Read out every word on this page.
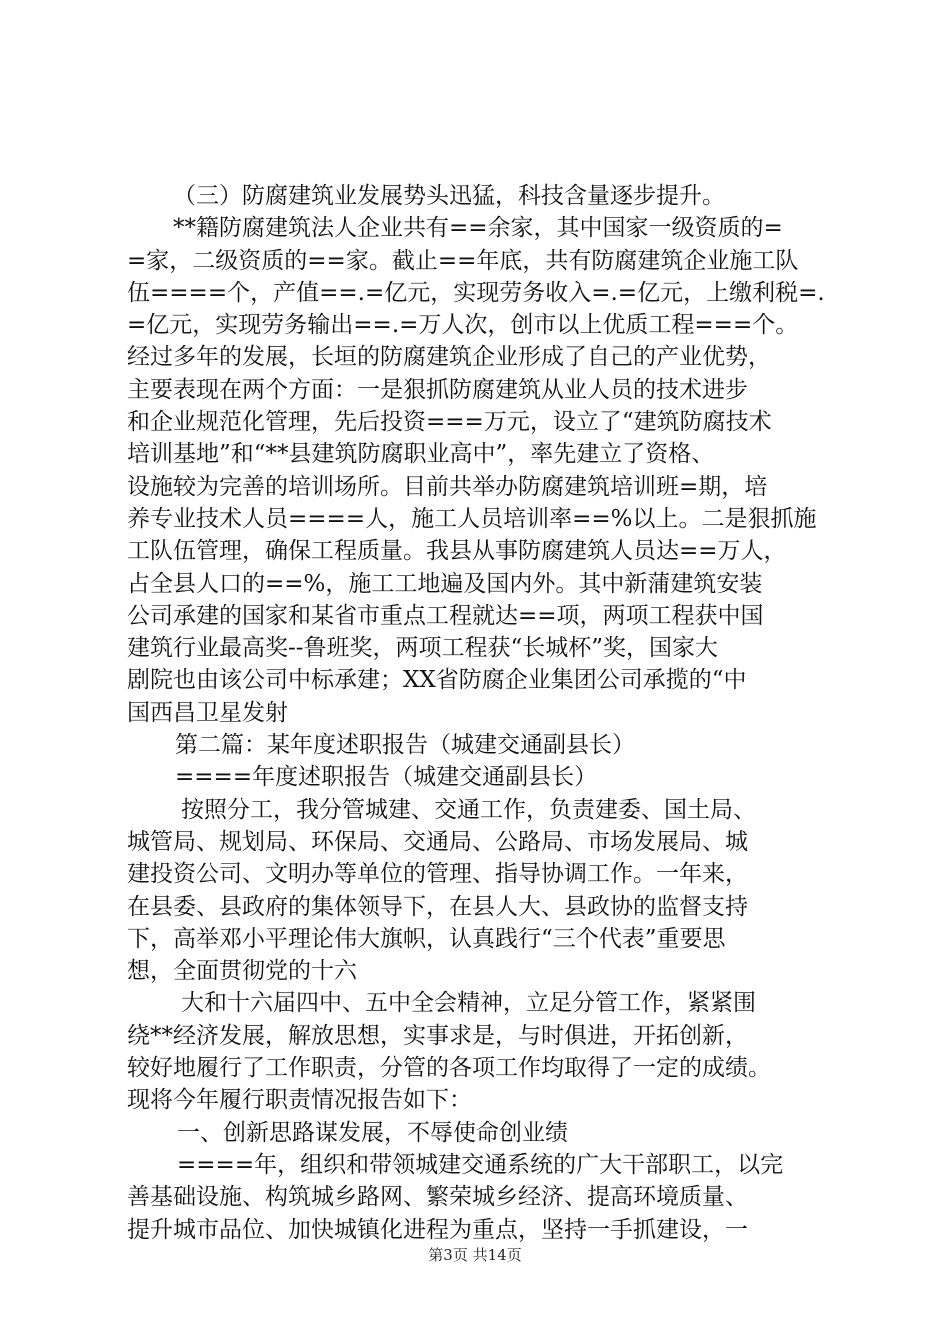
（三）防腐建筑业发展势头迅猛，科技含量逐步提升。
**籍防腐建筑法人企业共有==余家，其中国家一级资质的=
=家，二级资质的==家。截止==年底，共有防腐建筑企业施工队
伍====个，产值==.=亿元，实现劳务收入=.=亿元，上缴利税=.
=亿元，实现劳务输出==.=万人次，创市以上优质工程===个。
经过多年的发展，长垣的防腐建筑企业形成了自己的产业优势，
主要表现在两个方面：一是狠抓防腐建筑从业人员的技术进步
和企业规范化管理，先后投资===万元，设立了“建筑防腐技术
培训基地”和“**县建筑防腐职业高中”，率先建立了资格、
设施较为完善的培训场所。目前共举办防腐建筑培训班=期，培
养专业技术人员====人，施工人员培训率==%以上。二是狠抓施
工队伍管理，确保工程质量。我县从事防腐建筑人员达==万人，
占全县人口的==%，施工工地遍及国内外。其中新蒲建筑安装
公司承建的国家和某省市重点工程就达==项，两项工程获中国
建筑行业最高奖--鲁班奖，两项工程获“长城杯”奖，国家大
剧院也由该公司中标承建；XX省防腐企业集团公司承揽的“中
国西昌卫星发射
第二篇：某年度述职报告（城建交通副县长）
====年度述职报告（城建交通副县长）
按照分工，我分管城建、交通工作，负责建委、国土局、
城管局、规划局、环保局、交通局、公路局、市场发展局、城
建投资公司、文明办等单位的管理、指导协调工作。一年来，
在县委、县政府的集体领导下，在县人大、县政协的监督支持
下，高举邓小平理论伟大旗帜，认真践行“三个代表”重要思
想，全面贯彻党的十六
大和十六届四中、五中全会精神，立足分管工作，紧紧围
绕**经济发展，解放思想，实事求是，与时俱进，开拓创新，
较好地履行了工作职责，分管的各项工作均取得了一定的成绩。
现将今年履行职责情况报告如下：
一、创新思路谋发展，不辱使命创业绩
====年，组织和带领城建交通系统的广大干部职工，以完
善基础设施、构筑城乡路网、繁荣城乡经济、提高环境质量、
提升城市品位、加快城镇化进程为重点，坚持一手抓建设，一
第3页 共14页
